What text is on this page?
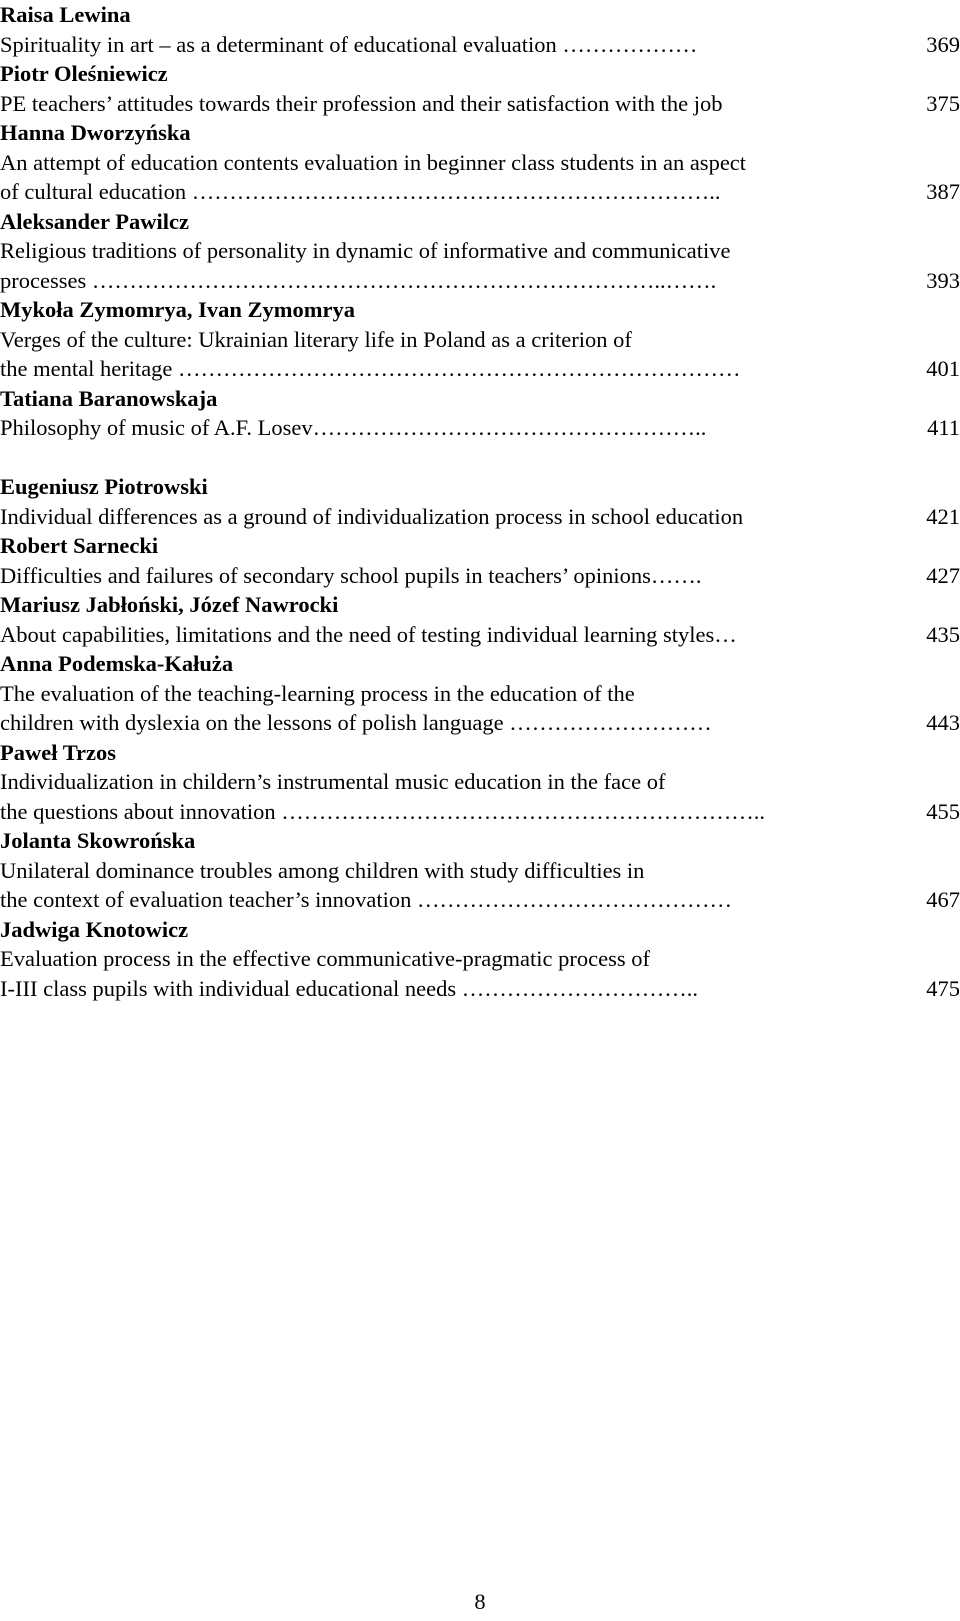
Raisa Lewina
Spirituality in art – as a determinant of educational evaluation ………………	369
Piotr Oleśniewicz
PE teachers’ attitudes towards their profession and their satisfaction with the job	375
Hanna Dworzyńska
An attempt of education contents evaluation in beginner class students in an aspect
of cultural education ……………………………………………………………..	387
Aleksander Pawilcz
Religious traditions of personality in dynamic of informative and communicative
processes …………………………………………………………………..…….	393
Mykoła Zymomrya, Ivan Zymomrya
Verges of the culture: Ukrainian literary life in Poland as a criterion of
the mental heritage …………………………………………………………………	401
Tatiana Baranowskaja
Philosophy of music of A.F. Losev……………………………………………..	411
Eugeniusz Piotrowski
Individual differences as a ground of individualization process in school education	421
Robert Sarnecki
Difficulties and failures of secondary school pupils in teachers’ opinions…….	427
Mariusz Jabłoński, Józef Nawrocki
About capabilities, limitations and the need of testing individual learning styles…	435
Anna Podemska-Kałuża
The evaluation of the teaching-learning process in the education of the
children with dyslexia on the lessons of polish language ………………………	443
Paweł Trzos
Individualization in childern’s instrumental music education in the face of
the questions about innovation ………………………………………………………..	455
Jolanta Skowrońska
Unilateral dominance troubles among children with study difficulties in
the context of evaluation teacher’s innovation ……………………………………	467
Jadwiga Knotowicz
Evaluation process in the effective communicative-pragmatic process of
I-III class pupils with individual educational needs …………………………..	475
8
